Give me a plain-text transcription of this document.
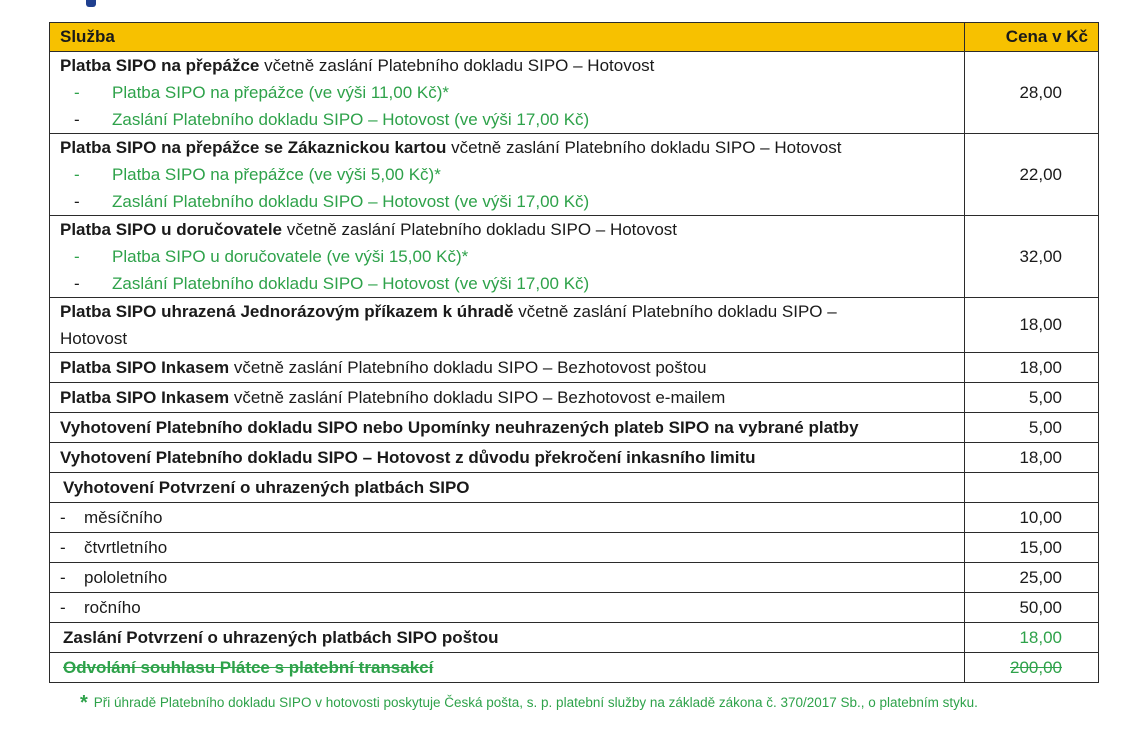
Služba	Cena v Kč

Platba SIPO na přepážce včetně zaslání Platebního dokladu SIPO – Hotovost
- Platba SIPO na přepážce (ve výši 11,00 Kč)*
- Zaslání Platebního dokladu SIPO – Hotovost (ve výši 17,00 Kč)	28,00

Platba SIPO na přepážce se Zákaznickou kartou včetně zaslání Platebního dokladu SIPO – Hotovost
- Platba SIPO na přepážce (ve výši 5,00 Kč)*
- Zaslání Platebního dokladu SIPO – Hotovost (ve výši 17,00 Kč)	22,00

Platba SIPO u doručovatele včetně zaslání Platebního dokladu SIPO – Hotovost
- Platba SIPO u doručovatele (ve výši 15,00 Kč)*
- Zaslání Platebního dokladu SIPO – Hotovost (ve výši 17,00 Kč)	32,00

Platba SIPO uhrazená Jednorázovým příkazem k úhradě včetně zaslání Platebního dokladu SIPO –
Hotovost	18,00
Platba SIPO Inkasem včetně zaslání Platebního dokladu SIPO – Bezhotovost poštou	18,00
Platba SIPO Inkasem včetně zaslání Platebního dokladu SIPO – Bezhotovost e-mailem	5,00
Vyhotovení Platebního dokladu SIPO nebo Upomínky neuhrazených plateb SIPO na vybrané platby	5,00
Vyhotovení Platebního dokladu SIPO – Hotovost z důvodu překročení inkasního limitu	18,00
Vyhotovení Potvrzení o uhrazených platbách SIPO	
- měsíčního	10,00
- čtvrtletního	15,00
- pololetního	25,00
- ročního	50,00
Zaslání Potvrzení o uhrazených platbách SIPO poštou	18,00
Odvolání souhlasu Plátce s platební transakcí	200,00
* Při úhradě Platebního dokladu SIPO v hotovosti poskytuje Česká pošta, s. p. platební služby na základě zákona č. 370/2017 Sb., o platebním styku.
